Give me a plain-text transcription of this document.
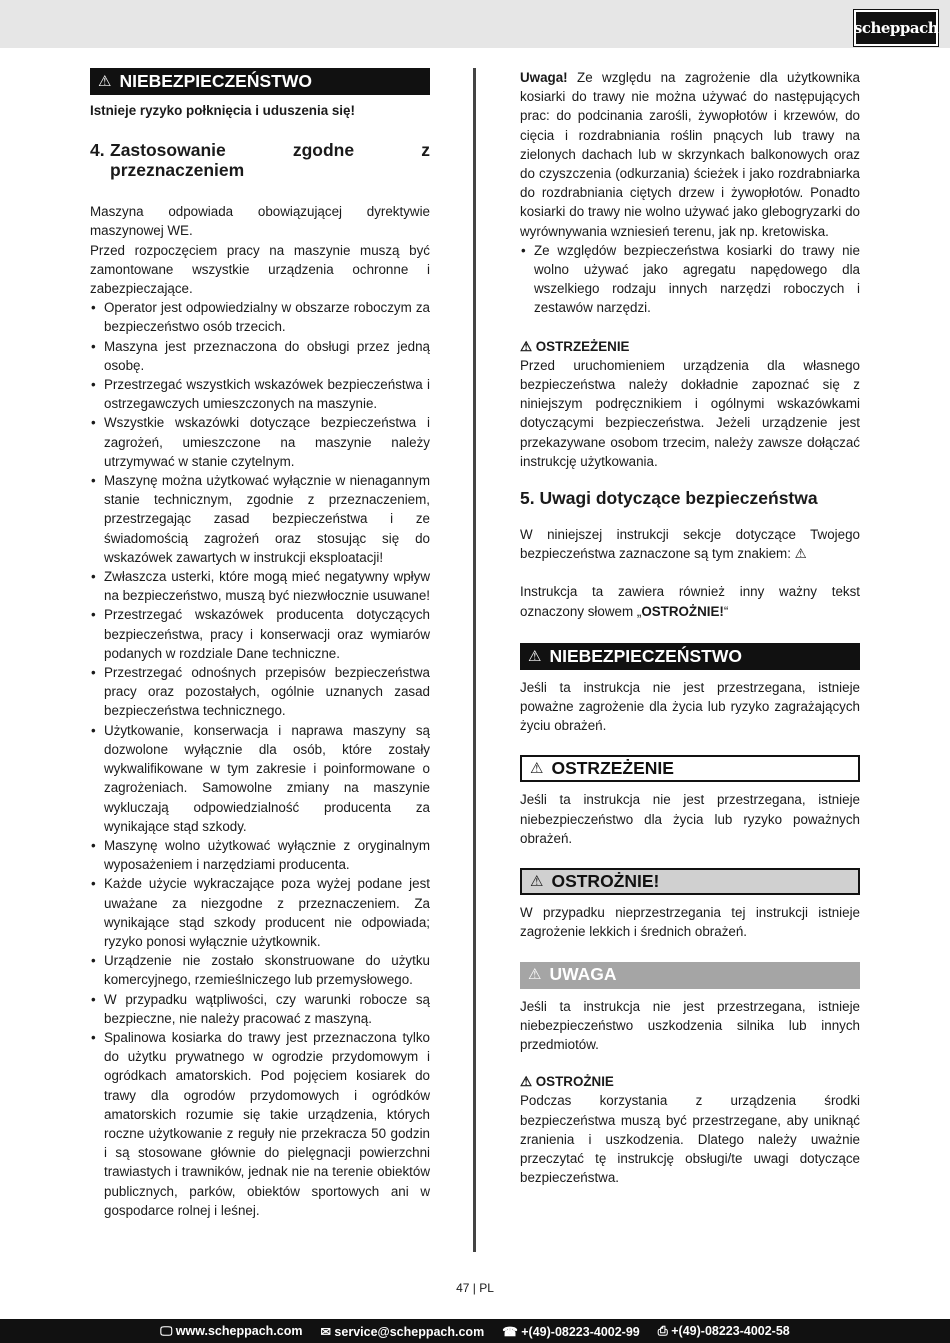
scheppach
⚠ NIEBEZPIECZEŃSTWO

Istnieje ryzyko połknięcia i uduszenia się!

4. Zastosowanie zgodne z przeznaczeniem

Maszyna odpowiada obowiązującej dyrektywie maszynowej WE.

Przed rozpoczęciem pracy na maszynie muszą być zamontowane wszystkie urządzenia ochronne i zabezpieczające.

• Operator jest odpowiedzialny w obszarze roboczym za bezpieczeństwo osób trzecich.
• Maszyna jest przeznaczona do obsługi przez jedną osobę.
• Przestrzegać wszystkich wskazówek bezpieczeństwa i ostrzegawczych umieszczonych na maszynie.
• Wszystkie wskazówki dotyczące bezpieczeństwa i zagrożeń, umieszczone na maszynie należy utrzymywać w stanie czytelnym.
• Maszynę można użytkować wyłącznie w nienagannym stanie technicznym, zgodnie z przeznaczeniem, przestrzegając zasad bezpieczeństwa i ze świadomością zagrożeń oraz stosując się do wskazówek zawartych w instrukcji eksploatacji!
• Zwłaszcza usterki, które mogą mieć negatywny wpływ na bezpieczeństwo, muszą być niezwłocznie usuwane!
• Przestrzegać wskazówek producenta dotyczących bezpieczeństwa, pracy i konserwacji oraz wymiarów podanych w rozdziale Dane techniczne.
• Przestrzegać odnośnych przepisów bezpieczeństwa pracy oraz pozostałych, ogólnie uznanych zasad bezpieczeństwa technicznego.
• Użytkowanie, konserwacja i naprawa maszyny są dozwolone wyłącznie dla osób, które zostały wykwalifikowane w tym zakresie i poinformowane o zagrożeniach. Samowolne zmiany na maszynie wykluczają odpowiedzialność producenta za wynikające stąd szkody.
• Maszynę wolno użytkować wyłącznie z oryginalnym wyposażeniem i narzędziami producenta.
• Każde użycie wykraczające poza wyżej podane jest uważane za niezgodne z przeznaczeniem. Za wynikające stąd szkody producent nie odpowiada; ryzyko ponosi wyłącznie użytkownik.
• Urządzenie nie zostało skonstruowane do użytku komercyjnego, rzemieślniczego lub przemysłowego.
• W przypadku wątpliwości, czy warunki robocze są bezpieczne, nie należy pracować z maszyną.
• Spalinowa kosiarka do trawy jest przeznaczona tylko do użytku prywatnego w ogrodzie przydomowym i ogródkach amatorskich. Pod pojęciem kosiarek do trawy dla ogrodów przydomowych i ogródków amatorskich rozumie się takie urządzenia, których roczne użytkowanie z reguły nie przekracza 50 godzin i są stosowane głównie do pielęgnacji powierzchni trawiastych i trawników, jednak nie na terenie obiektów publicznych, parków, obiektów sportowych ani w gospodarce rolnej i leśnej.

Uwaga! Ze względu na zagrożenie dla użytkownika kosiarki do trawy nie można używać do następujących prac: do podcinania zarośli, żywopłotów i krzewów, do cięcia i rozdrabniania roślin pnących lub trawy na zielonych dachach lub w skrzynkach balkonowych oraz do czyszczenia (odkurzania) ścieżek i jako rozdrabniarka do rozdrabniania ciętych drzew i żywopłotów. Ponadto kosiarki do trawy nie wolno używać jako glebogryzarki do wyrównywania wzniesień terenu, jak np. kretowiska.

• Ze względów bezpieczeństwa kosiarki do trawy nie wolno używać jako agregatu napędowego dla wszelkiego rodzaju innych narzędzi roboczych i zestawów narzędzi.
⚠ OSTRZEŻENIE

Przed uruchomieniem urządzenia dla własnego bezpieczeństwa należy dokładnie zapoznać się z niniejszym podręcznikiem i ogólnymi wskazówkami dotyczącymi bezpieczeństwa. Jeżeli urządzenie jest przekazywane osobom trzecim, należy zawsze dołączać instrukcję użytkowania.

5. Uwagi dotyczące bezpieczeństwa

W niniejszej instrukcji sekcje dotyczące Twojego bezpieczeństwa zaznaczone są tym znakiem: ⚠

Instrukcja ta zawiera również inny ważny tekst oznaczony słowem „OSTROŻNIE!“

⚠ NIEBEZPIECZEŃSTWO

Jeśli ta instrukcja nie jest przestrzegana, istnieje poważne zagrożenie dla życia lub ryzyko zagrażających życiu obrażeń.

⚠ OSTRZEŻENIE

Jeśli ta instrukcja nie jest przestrzegana, istnieje niebezpieczeństwo dla życia lub ryzyko poważnych obrażeń.

⚠ OSTROŻNIE!

W przypadku nieprzestrzegania tej instrukcji istnieje zagrożenie lekkich i średnich obrażeń.

⚠ UWAGA

Jeśli ta instrukcja nie jest przestrzegana, istnieje niebezpieczeństwo uszkodzenia silnika lub innych przedmiotów.

⚠ OSTROŻNIE

Podczas korzystania z urządzenia środki bezpieczeństwa muszą być przestrzegane, aby uniknąć zranienia i uszkodzenia. Dlatego należy uważnie przeczytać tę instrukcję obsługi/te uwagi dotyczące bezpieczeństwa.

47 | PL
🖵 www.scheppach.com ✉ service@scheppach.com ☎ +(49)-08223-4002-99 ⎙ +(49)-08223-4002-58
